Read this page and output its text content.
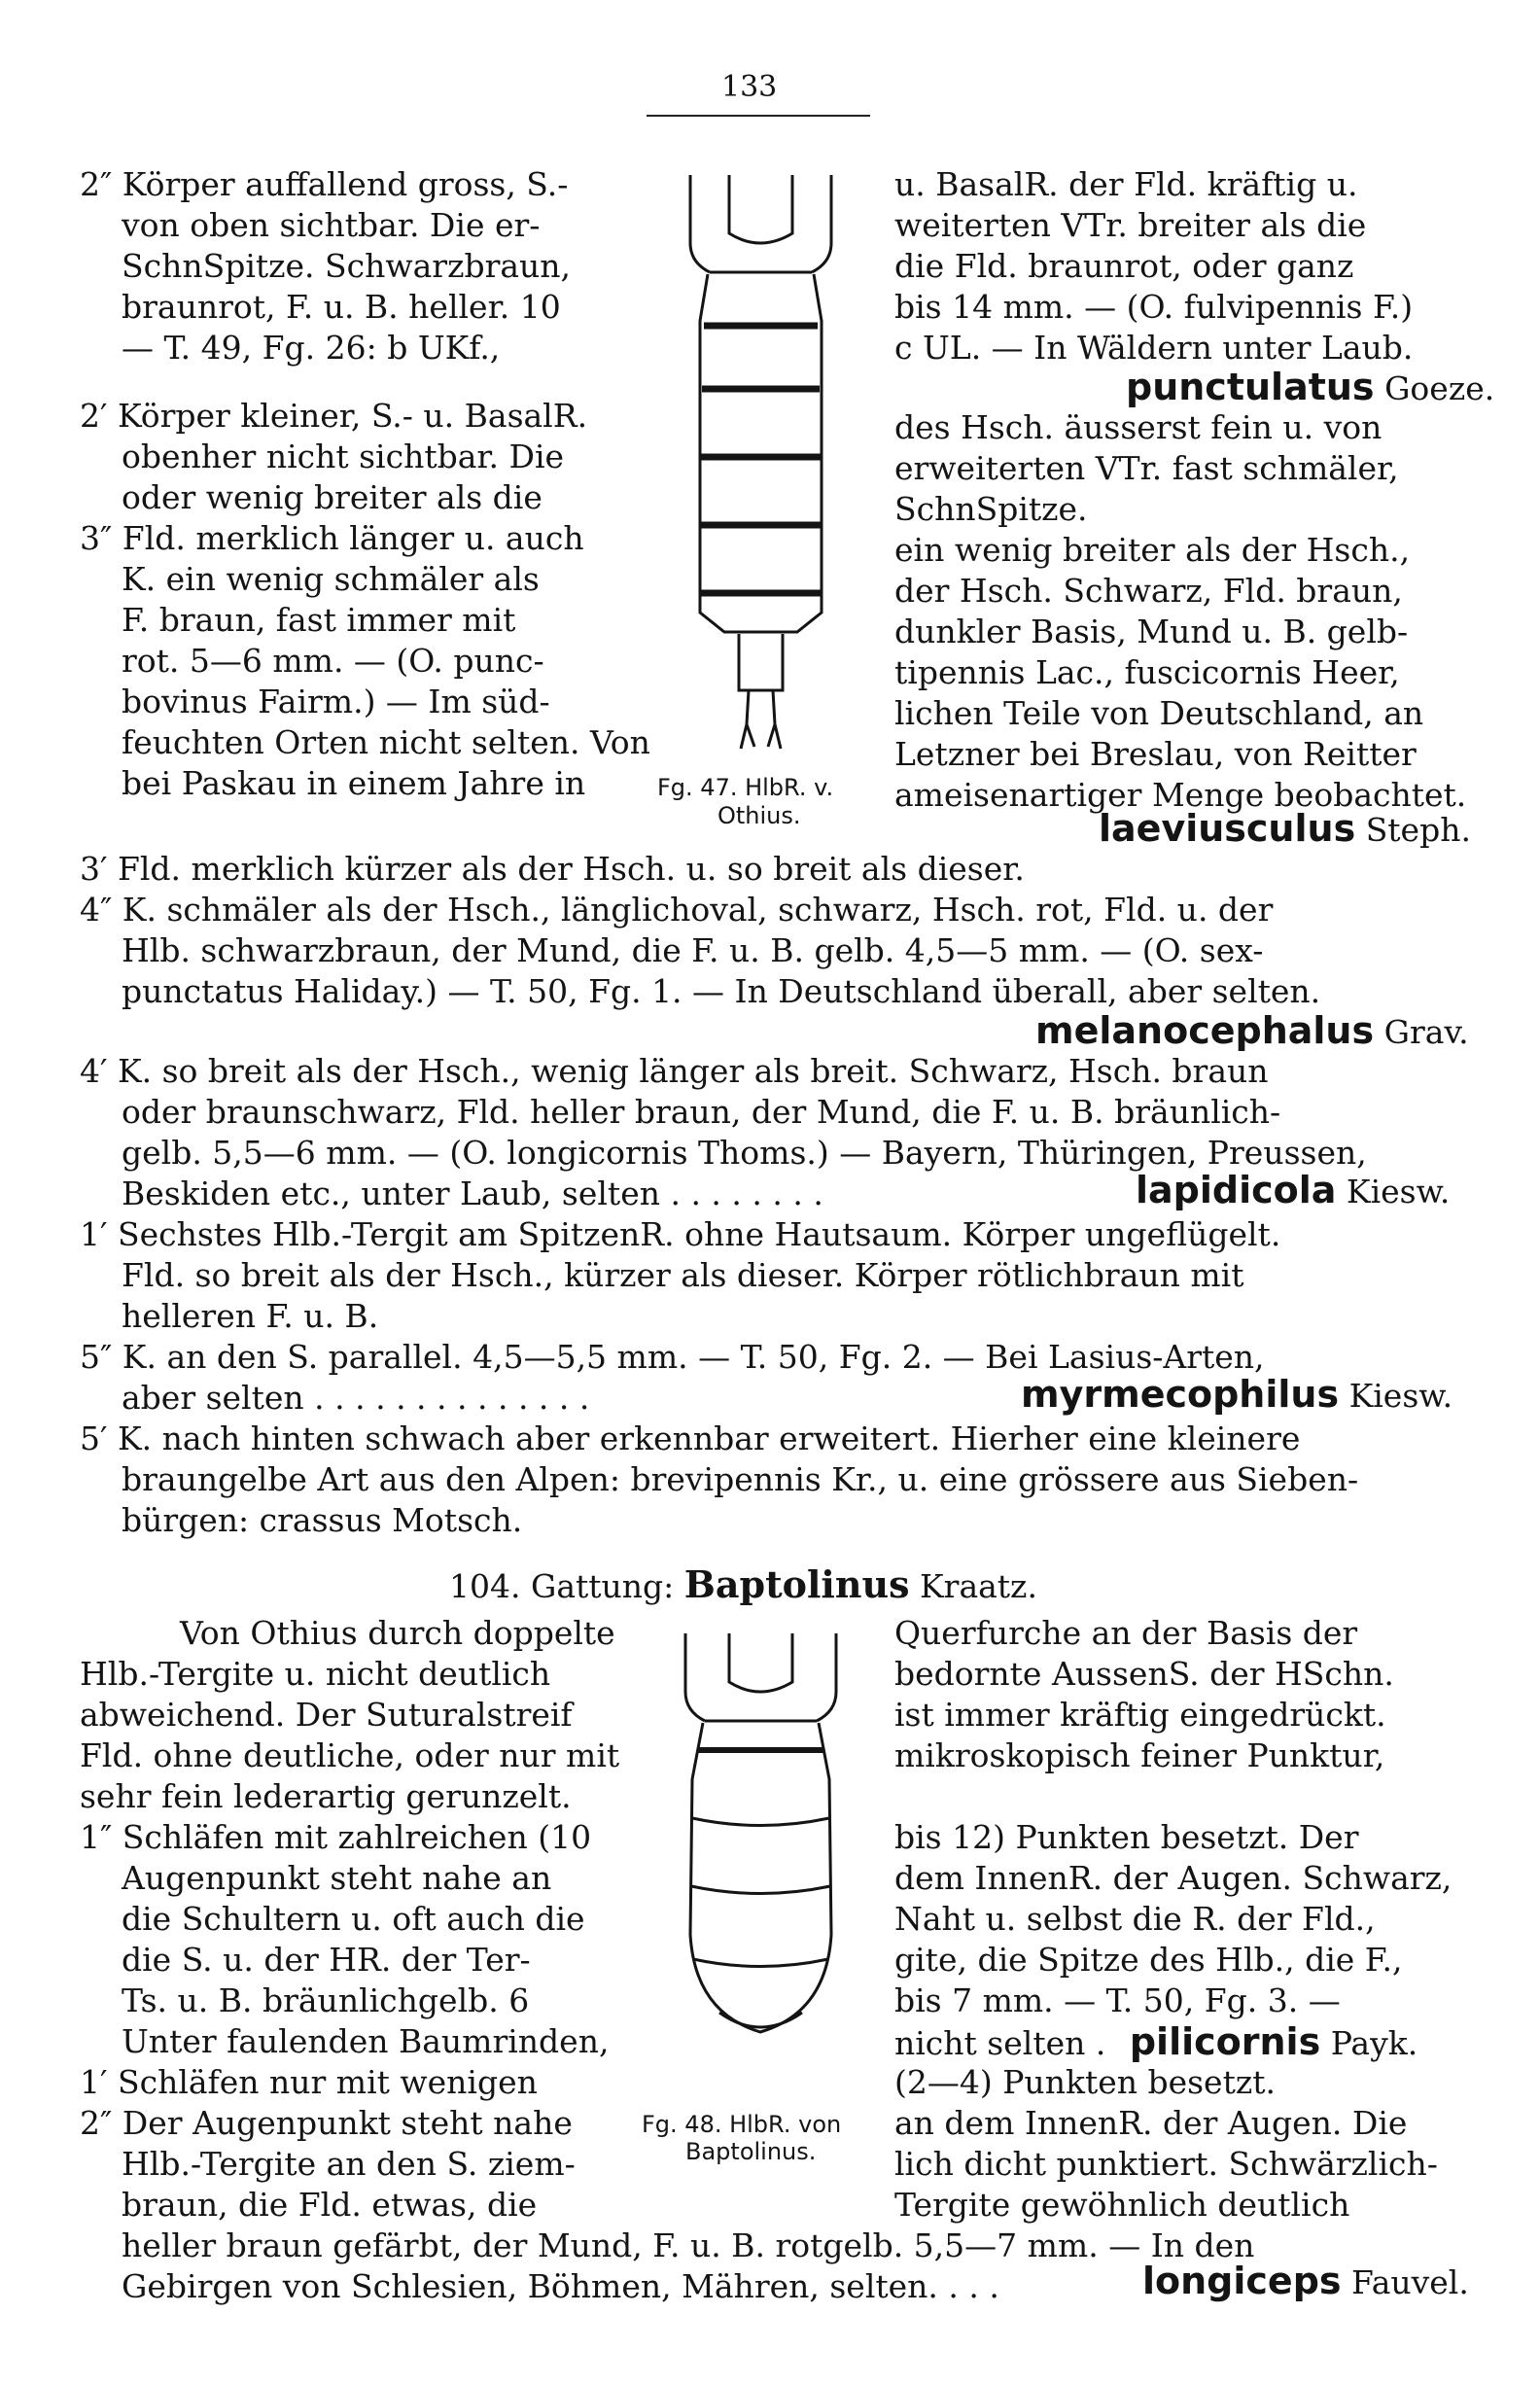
133
2″ Körper auffallend gross, S.-
von oben sichtbar. Die er-
SchnSpitze. Schwarzbraun,
braunrot, F. u. B. heller. 10
— T. 49, Fg. 26: b UKf.,
2′ Körper kleiner, S.- u. BasalR.
obenher nicht sichtbar. Die
oder wenig breiter als die
3″ Fld. merklich länger u. auch
K. ein wenig schmäler als
F. braun, fast immer mit
rot. 5—6 mm. — (O. punc-
bovinus Fairm.) — Im süd-
feuchten Orten nicht selten. Von
bei Paskau in einem Jahre in	Fg. 47. HlbR. v.
Othius.
u. BasalR. der Fld. kräftig u.
weiterten VTr. breiter als die
die Fld. braunrot, oder ganz
bis 14 mm. — (O. fulvipennis F.)
c UL. — In Wäldern unter Laub.
punctulatus Goeze.
des Hsch. äusserst fein u. von
erweiterten VTr. fast schmäler,
SchnSpitze.
ein wenig breiter als der Hsch.,
der Hsch. Schwarz, Fld. braun,
dunkler Basis, Mund u. B. gelb-
tipennis Lac., fuscicornis Heer,
lichen Teile von Deutschland, an
Letzner bei Breslau, von Reitter
ameisenartiger Menge beobachtet.
laeviusculus Steph.
3′ Fld. merklich kürzer als der Hsch. u. so breit als dieser.
4″ K. schmäler als der Hsch., länglichoval, schwarz, Hsch. rot, Fld. u. der
Hlb. schwarzbraun, der Mund, die F. u. B. gelb. 4,5—5 mm. — (O. sex-
punctatus Haliday.) — T. 50, Fg. 1. — In Deutschland überall, aber selten.
melanocephalus Grav.
4′ K. so breit als der Hsch., wenig länger als breit. Schwarz, Hsch. braun
oder braunschwarz, Fld. heller braun, der Mund, die F. u. B. bräunlich-
gelb. 5,5—6 mm. — (O. longicornis Thoms.) — Bayern, Thüringen, Preussen,
Beskiden etc., unter Laub, selten . . . . . . . .	lapidicola Kiesw.
1′ Sechstes Hlb.-Tergit am SpitzenR. ohne Hautsaum. Körper ungeflügelt.
Fld. so breit als der Hsch., kürzer als dieser. Körper rötlichbraun mit
helleren F. u. B.
5″ K. an den S. parallel. 4,5—5,5 mm. — T. 50, Fg. 2. — Bei Lasius-Arten,
aber selten . . . . . . . . . . . . . .	myrmecophilus Kiesw.
5′ K. nach hinten schwach aber erkennbar erweitert. Hierher eine kleinere
braungelbe Art aus den Alpen: brevipennis Kr., u. eine grössere aus Sieben-
bürgen: crassus Motsch.
104. Gattung: Baptolinus Kraatz.
Von Othius durch doppelte
Hlb.-Tergite u. nicht deutlich
abweichend. Der Suturalstreif
Fld. ohne deutliche, oder nur mit
sehr fein lederartig gerunzelt.
1″ Schläfen mit zahlreichen (10
Augenpunkt steht nahe an
die Schultern u. oft auch die
die S. u. der HR. der Ter-
Ts. u. B. bräunlichgelb. 6
Unter faulenden Baumrinden,
1′ Schläfen nur mit wenigen
2″ Der Augenpunkt steht nahe
Hlb.-Tergite an den S. ziem-
braun, die Fld. etwas, die
Fg. 48. HlbR. von
Baptolinus.
Querfurche an der Basis der
bedornte AussenS. der HSchn.
ist immer kräftig eingedrückt.
mikroskopisch feiner Punktur,
bis 12) Punkten besetzt. Der
dem InnenR. der Augen. Schwarz,
Naht u. selbst die R. der Fld.,
gite, die Spitze des Hlb., die F.,
bis 7 mm. — T. 50, Fg. 3. —
nicht selten . pilicornis Payk.
(2—4) Punkten besetzt.
an dem InnenR. der Augen. Die
lich dicht punktiert. Schwärzlich-
Tergite gewöhnlich deutlich
heller braun gefärbt, der Mund, F. u. B. rotgelb. 5,5—7 mm. — In den
Gebirgen von Schlesien, Böhmen, Mähren, selten. . . .	longiceps Fauvel.
